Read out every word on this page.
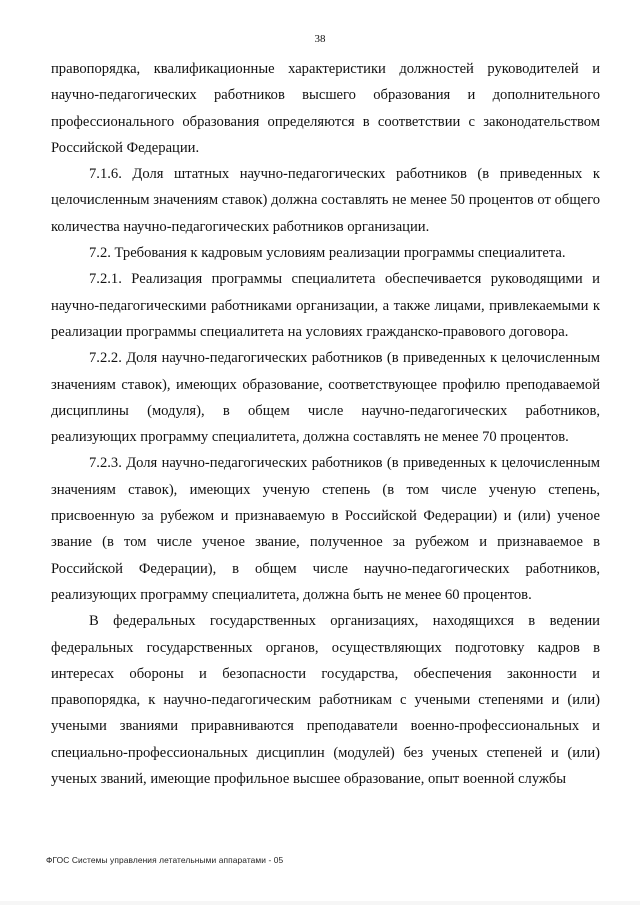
38

правопорядка, квалификационные характеристики должностей руководителей и научно-педагогических работников высшего образования и дополнительного профессионального образования определяются в соответствии с законодательством Российской Федерации.

7.1.6. Доля штатных научно-педагогических работников (в приведенных к целочисленным значениям ставок) должна составлять не менее 50 процентов от общего количества научно-педагогических работников организации.

7.2. Требования к кадровым условиям реализации программы специалитета.

7.2.1. Реализация программы специалитета обеспечивается руководящими и научно-педагогическими работниками организации, а также лицами, привлекаемыми к реализации программы специалитета на условиях гражданско-правового договора.

7.2.2. Доля научно-педагогических работников (в приведенных к целочисленным значениям ставок), имеющих образование, соответствующее профилю преподаваемой дисциплины (модуля), в общем числе научно-педагогических работников, реализующих программу специалитета, должна составлять не менее 70 процентов.

7.2.3. Доля научно-педагогических работников (в приведенных к целочисленным значениям ставок), имеющих ученую степень (в том числе ученую степень, присвоенную за рубежом и признаваемую в Российской Федерации) и (или) ученое звание (в том числе ученое звание, полученное за рубежом и признаваемое в Российской Федерации), в общем числе научно-педагогических работников, реализующих программу специалитета, должна быть не менее 60 процентов.

В федеральных государственных организациях, находящихся в ведении федеральных государственных органов, осуществляющих подготовку кадров в интересах обороны и безопасности государства, обеспечения законности и правопорядка, к научно-педагогическим работникам с учеными степенями и (или) учеными званиями приравниваются преподаватели военно-профессиональных и специально-профессиональных дисциплин (модулей) без ученых степеней и (или) ученых званий, имеющие профильное высшее образование, опыт военной службы

ФГОС Системы управления летательными аппаратами - 05
